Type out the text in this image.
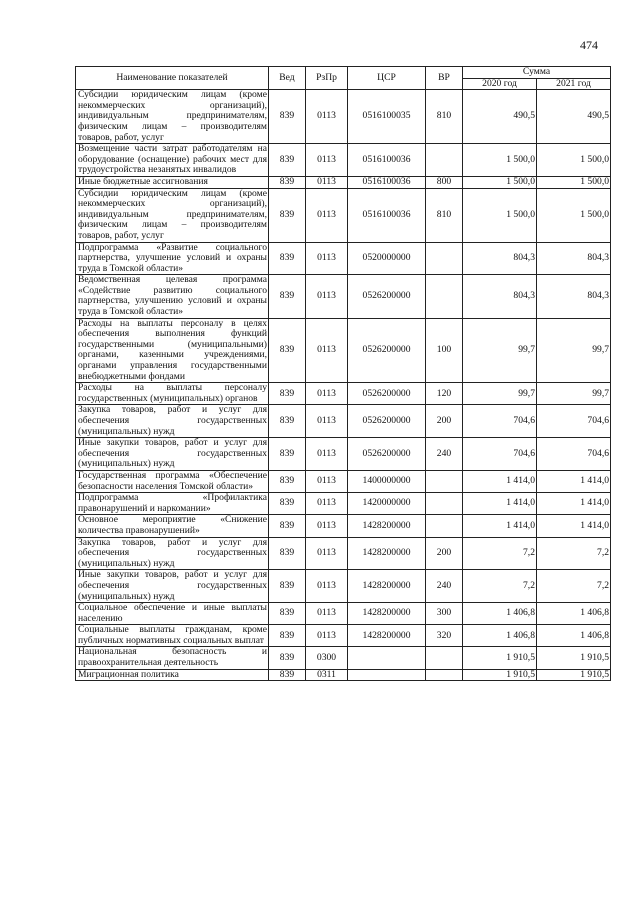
474
Наименование показателей	Вед	РзПр	ЦСР	ВР	Сумма	
					2020 год	2021 год
Субсидии юридическим лицам (кроме некоммерческих организаций), индивидуальным предпринимателям, физическим лицам – производителям товаров, работ, услуг	839	0113	0516100035	810	490,5	490,5
Возмещение части затрат работодателям на оборудование (оснащение) рабочих мест для трудоустройства незанятых инвалидов	839	0113	0516100036		1 500,0	1 500,0
Иные бюджетные ассигнования	839	0113	0516100036	800	1 500,0	1 500,0
Субсидии юридическим лицам (кроме некоммерческих организаций), индивидуальным предпринимателям, физическим лицам – производителям товаров, работ, услуг	839	0113	0516100036	810	1 500,0	1 500,0
Подпрограмма «Развитие социального партнерства, улучшение условий и охраны труда в Томской области»	839	0113	0520000000		804,3	804,3
Ведомственная целевая программа «Содействие развитию социального партнерства, улучшению условий и охраны труда в Томской области»	839	0113	0526200000		804,3	804,3
Расходы на выплаты персоналу в целях обеспечения выполнения функций государственными (муниципальными) органами, казенными учреждениями, органами управления государственными внебюджетными фондами	839	0113	0526200000	100	99,7	99,7
Расходы на выплаты персоналу государственных (муниципальных) органов	839	0113	0526200000	120	99,7	99,7
Закупка товаров, работ и услуг для обеспечения государственных (муниципальных) нужд	839	0113	0526200000	200	704,6	704,6
Иные закупки товаров, работ и услуг для обеспечения государственных (муниципальных) нужд	839	0113	0526200000	240	704,6	704,6
Государственная программа «Обеспечение безопасности населения Томской области»	839	0113	1400000000		1 414,0	1 414,0
Подпрограмма «Профилактика правонарушений и наркомании»	839	0113	1420000000		1 414,0	1 414,0
Основное мероприятие «Снижение количества правонарушений»	839	0113	1428200000		1 414,0	1 414,0
Закупка товаров, работ и услуг для обеспечения государственных (муниципальных) нужд	839	0113	1428200000	200	7,2	7,2
Иные закупки товаров, работ и услуг для обеспечения государственных (муниципальных) нужд	839	0113	1428200000	240	7,2	7,2
Социальное обеспечение и иные выплаты населению	839	0113	1428200000	300	1 406,8	1 406,8
Социальные выплаты гражданам, кроме публичных нормативных социальных выплат	839	0113	1428200000	320	1 406,8	1 406,8
Национальная безопасность и правоохранительная деятельность	839	0300			1 910,5	1 910,5
Миграционная политика	839	0311			1 910,5	1 910,5
